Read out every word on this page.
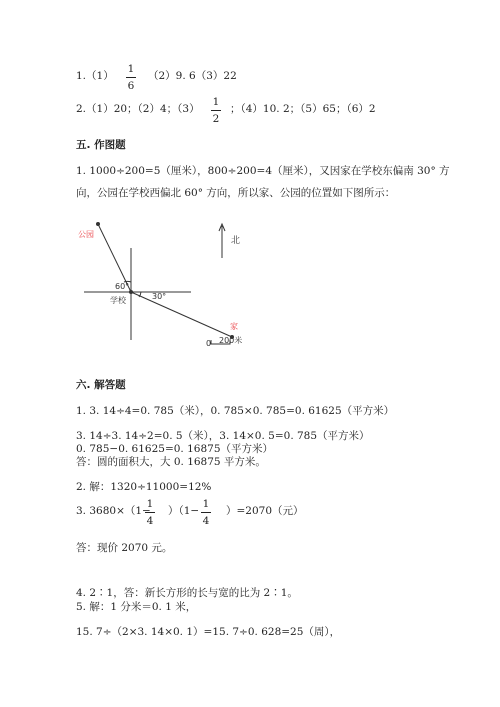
1.（1）
1
6
（2）9. 6（3）22
2.（1）20；（2）4；（3）
1
2
；（4）10. 2；（5）65；（6）2
五. 作图题
1. 1000÷200=5（厘米），800÷200=4（厘米），又因家在学校东偏南 30° 方
向，公园在学校西偏北 60° 方向，所以家、公园的位置如下图所示：
公园
学校
家
60°
30°
北
0 200米
六. 解答题
1. 3. 14÷4=0. 785（米），0. 785×0. 785=0. 61625（平方米）
3. 14÷3. 14÷2=0. 5（米），3. 14×0. 5=0. 785（平方米）
0. 785−0. 61625=0. 16875（平方米）
答：圆的面积大，大 0. 16875 平方米。
2. 解：1320÷11000=12%
3. 3680×（1−
1
4
）（1−
1
4
）=2070（元）
答：现价 2070 元。
4. 2∶1，答：新长方形的长与宽的比为 2∶1。
5. 解：1 分米＝0. 1 米，
15. 7÷（2×3. 14×0. 1）=15. 7÷0. 628=25（周），
